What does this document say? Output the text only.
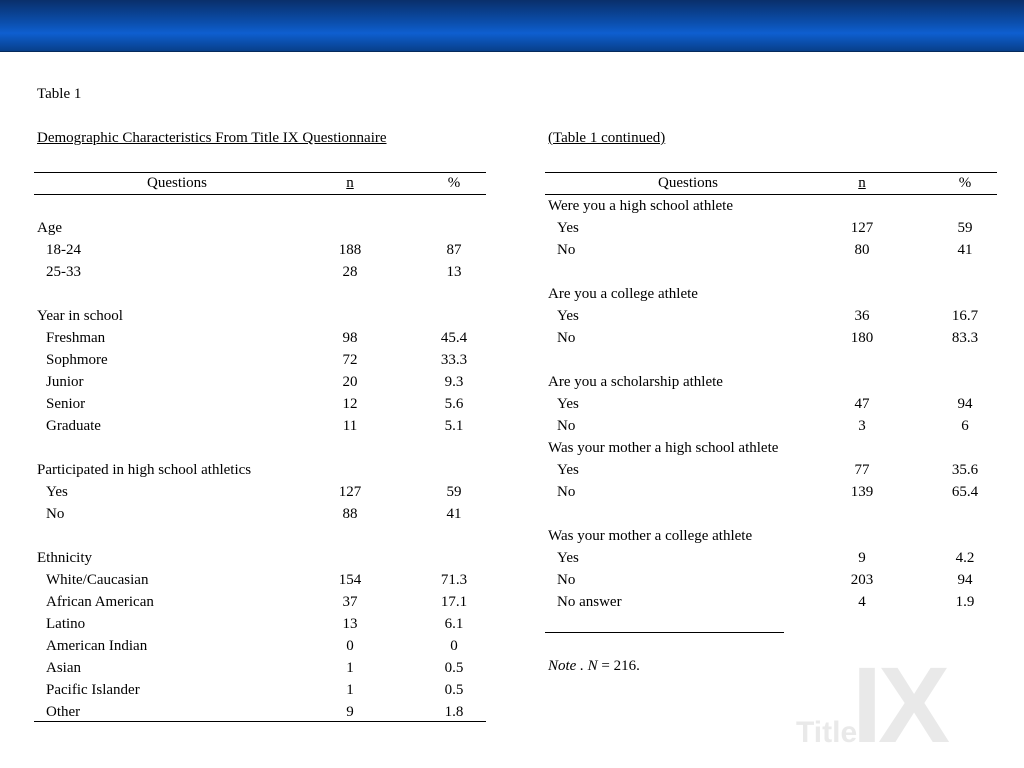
Table 1
Demographic Characteristics From Title IX Questionnaire	(Table 1 continued)
Questions	n	%
Age
18-24	188	87
25-33	28	13
Year in school
Freshman	98	45.4
Sophmore	72	33.3
Junior	20	9.3
Senior	12	5.6
Graduate	11	5.1
Participated in high school athletics
Yes	127	59
No	88	41
Ethnicity
White/Caucasian	154	71.3
African American	37	17.1
Latino	13	6.1
American Indian	0	0
Asian	1	0.5
Pacific Islander	1	0.5
Other	9	1.8
Questions	n	%
Were you a high school athlete
Yes	127	59
No	80	41
Are you a college athlete
Yes	36	16.7
No	180	83.3
Are you a scholarship athlete
Yes	47	94
No	3	6
Was your mother a high school athlete
Yes	77	35.6
No	139	65.4
Was your mother a college athlete
Yes	9	4.2
No	203	94
No answer	4	1.9
Note . N = 216. IX
Title
